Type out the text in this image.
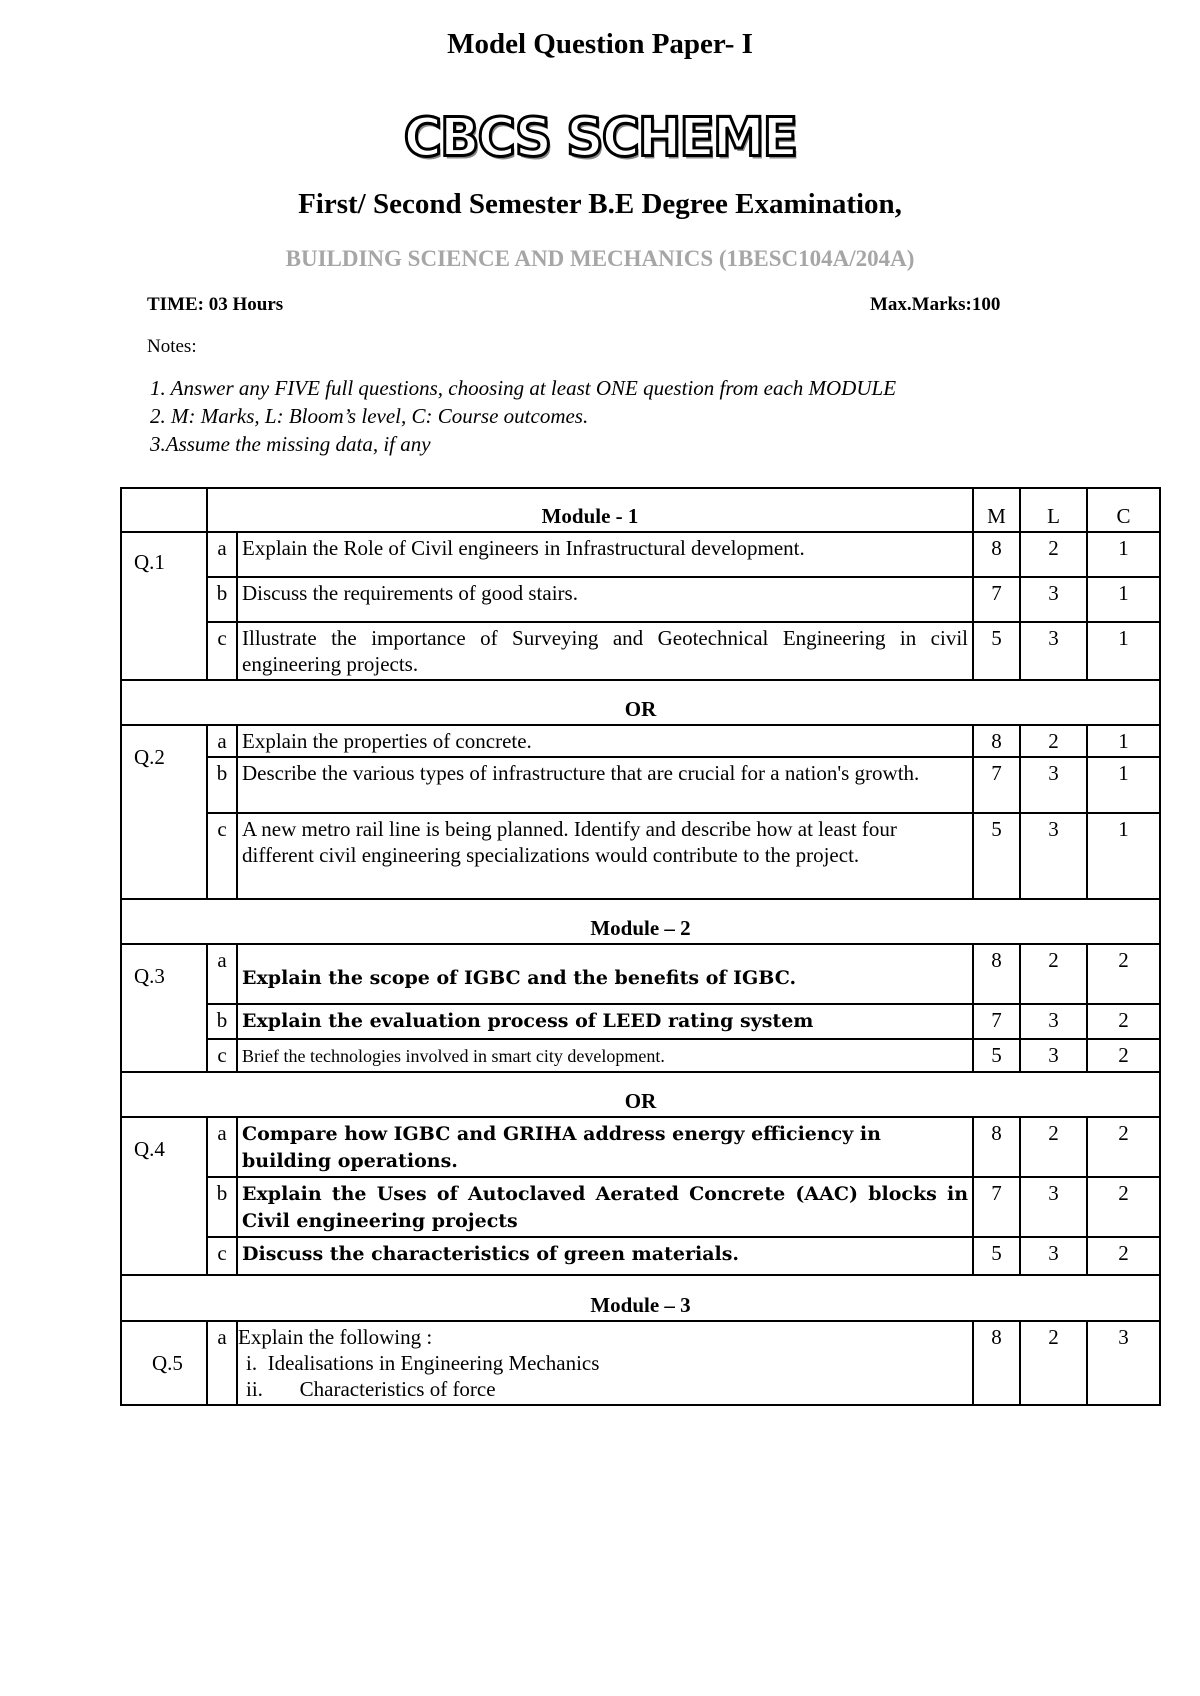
Model Question Paper- I
CBCS SCHEME
First/ Second Semester B.E Degree Examination,
BUILDING SCIENCE AND MECHANICS (1BESC104A/204A)
TIME: 03 Hours	Max.Marks:100
Notes:
1. Answer any FIVE full questions, choosing at least ONE question from each MODULE
2. M: Marks, L: Bloom’s level, C: Course outcomes.
3.Assume the missing data, if any
	Module - 1		M	L	C
Q.1	a	Explain the Role of Civil engineers in Infrastructural development.	8	2	1
	b	Discuss the requirements of good stairs.	7	3	1
	c	Illustrate the importance of Surveying and Geotechnical Engineering in civil engineering projects.	5	3	1
OR					
Q.2	a	Explain the properties of concrete.	8	2	1
	b	Describe the various types of infrastructure that are crucial for a nation's growth.	7	3	1
	c	A new metro rail line is being planned. Identify and describe how at least four different civil engineering specializations would contribute to the project.	5	3	1
Module – 2					
Q.3	a	Explain the scope of IGBC and the benefits of IGBC.	8	2	2
	b	Explain the evaluation process of LEED rating system	7	3	2
	c	Brief the technologies involved in smart city development.	5	3	2
OR					
Q.4	a	Compare how IGBC and GRIHA address energy efficiency in building operations.	8	2	2
	b	Explain the Uses of Autoclaved Aerated Concrete (AAC) blocks in Civil engineering projects	7	3	2
	c	Discuss the characteristics of green materials.	5	3	2
Module – 3					
Q.5	a	Explain the following :
i.  Idealisations in Engineering Mechanics
ii.       Characteristics of force	8	2	3
